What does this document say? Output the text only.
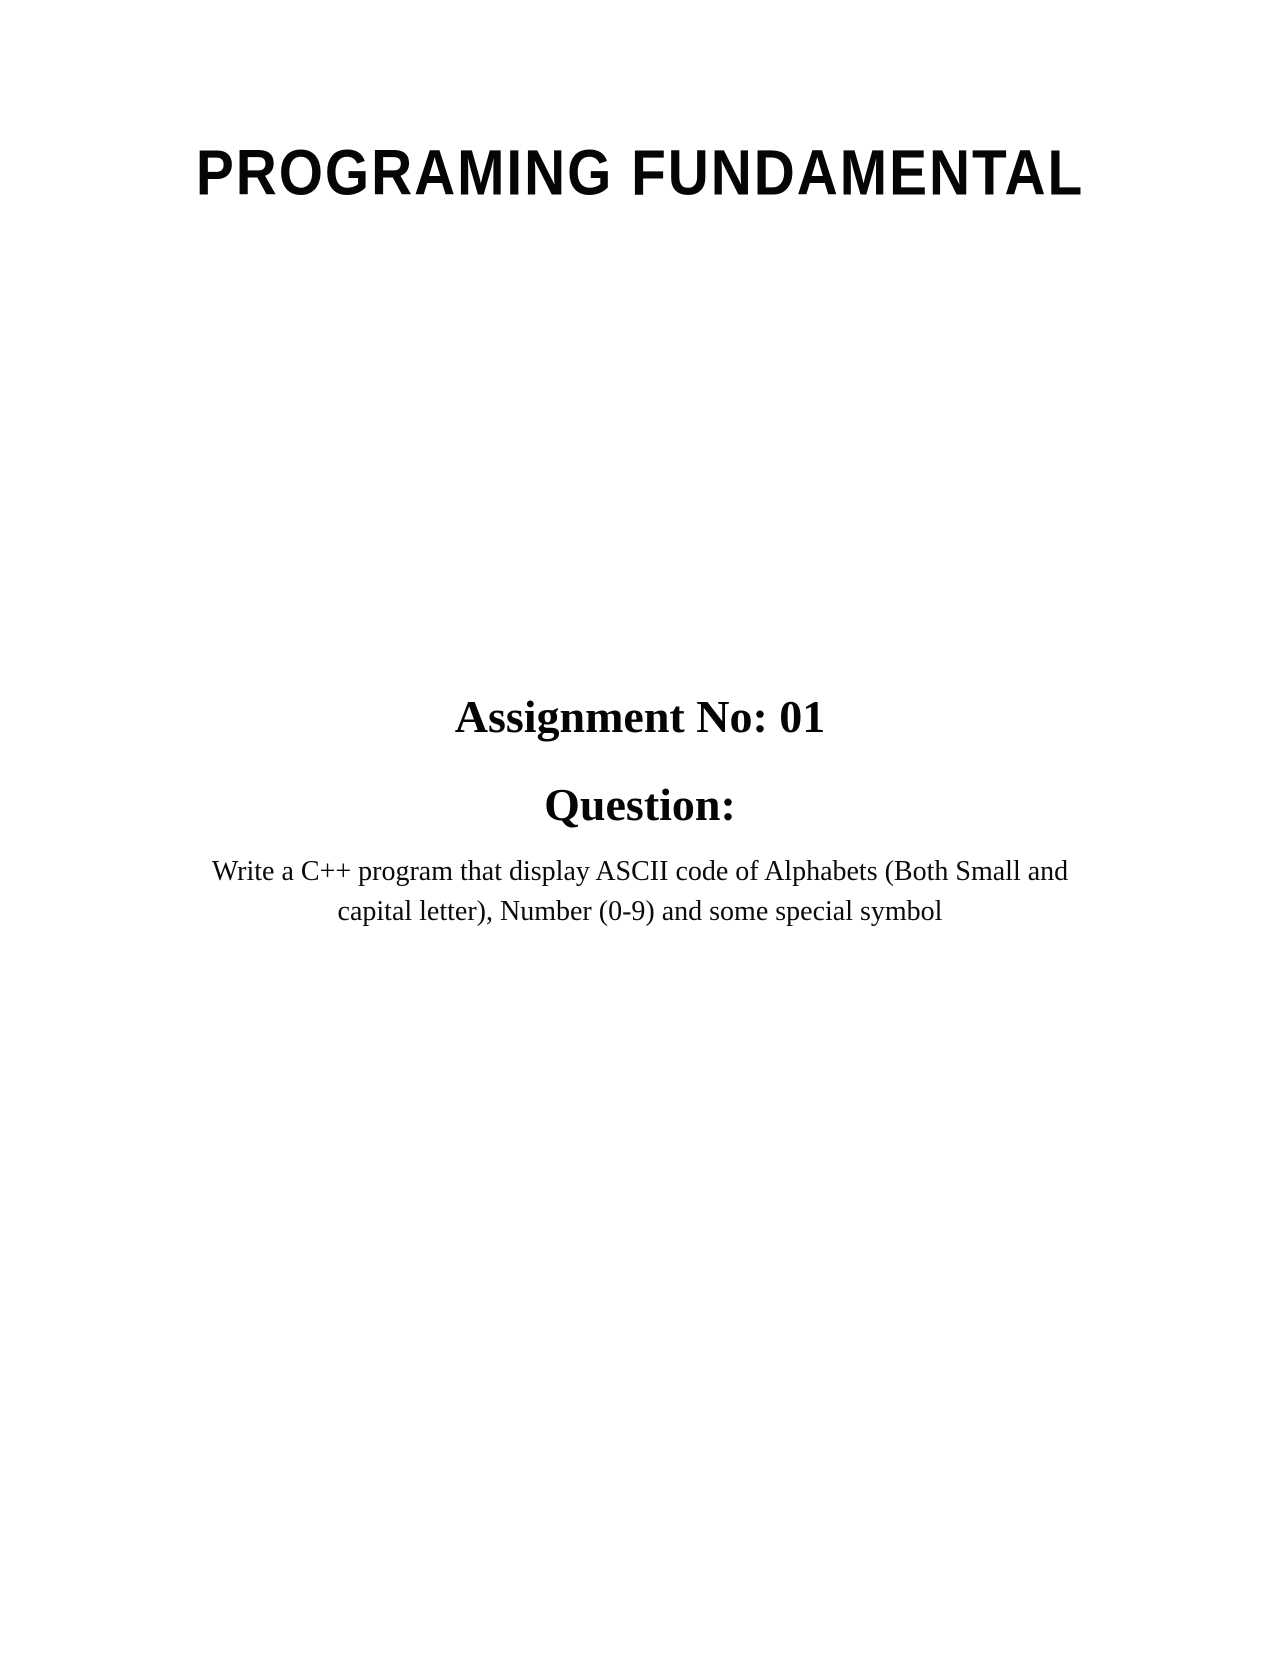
PROGRAMING FUNDAMENTAL
Assignment No: 01
Question:

Write a C++ program that display ASCII code of Alphabets (Both Small and capital letter), Number (0-9) and some special symbol
